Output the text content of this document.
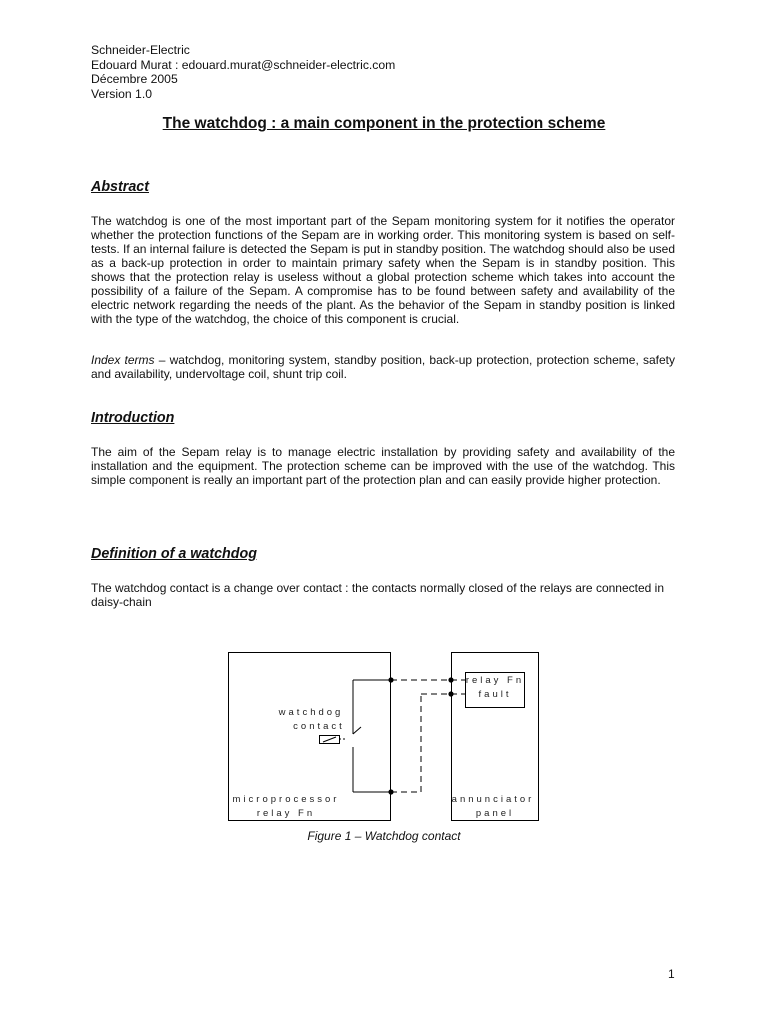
Schneider-Electric
Edouard Murat : edouard.murat@schneider-electric.com
Décembre 2005
Version 1.0
The watchdog : a main component in the protection scheme
Abstract

The watchdog is one of the most important part of the Sepam monitoring system for it notifies the operator whether the protection functions of the Sepam are in working order. This monitoring system is based on self-tests. If an internal failure is detected the Sepam is put in standby position. The watchdog should also be used as a back-up protection in order to maintain primary safety when the Sepam is in standby position. This shows that the protection relay is useless without a global protection scheme which takes into account the possibility of a failure of the Sepam. A compromise has to be found between safety and availability of the electric network regarding the needs of the plant. As the behavior of the Sepam in standby position is linked with the type of the watchdog, the choice of this component is crucial.

Index terms – watchdog, monitoring system, standby position, back-up protection, protection scheme, safety and availability, undervoltage coil, shunt trip coil.

Introduction

The aim of the Sepam relay is to manage electric installation by providing safety and availability of the installation and the equipment. The protection scheme can be improved with the use of the watchdog. This simple component is really an important part of the protection plan and can easily provide higher protection.

Definition of a watchdog

The watchdog contact is a change over contact : the contacts normally closed of the relays are connected in daisy-chain

relay Fn
fault
watchdog
contact
microprocessor
relay Fn
annunciator
panel
Figure 1 – Watchdog contact
1
